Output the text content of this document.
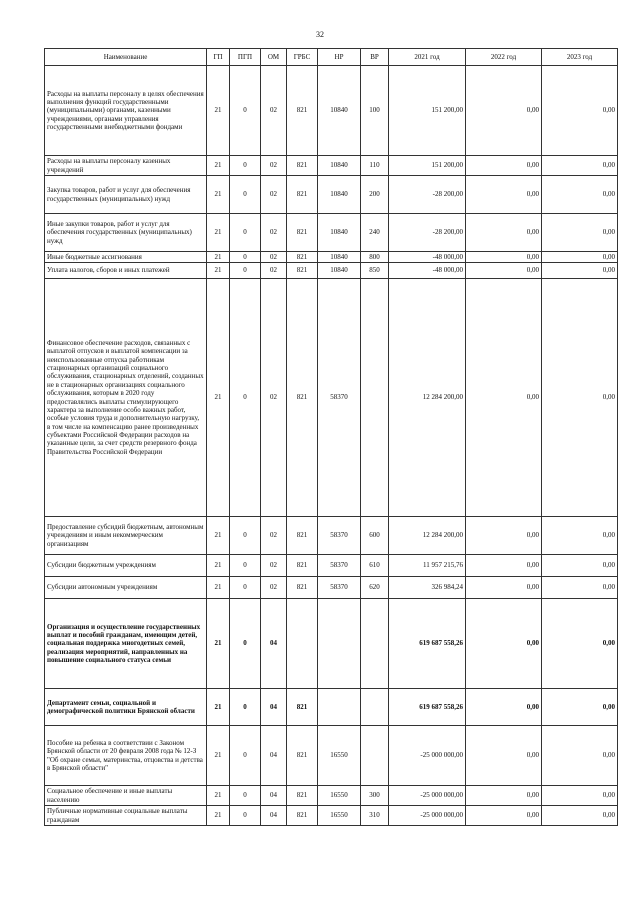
32
Наименование	ГП	ПГП	ОМ	ГРБС	НР	ВР	2021 год	2022 год	2023 год
Расходы на выплаты персоналу в целях обеспечения выполнения функций государственными (муниципальными) органами, казенными учреждениями, органами управления государственными внебюджетными фондами	21	0	02	821	10840	100	151 200,00	0,00	0,00
Расходы на выплаты персоналу казенных учреждений	21	0	02	821	10840	110	151 200,00	0,00	0,00
Закупка товаров, работ и услуг для обеспечения государственных (муниципальных) нужд	21	0	02	821	10840	200	-28 200,00	0,00	0,00
Иные закупки товаров, работ и услуг для обеспечения государственных (муниципальных) нужд	21	0	02	821	10840	240	-28 200,00	0,00	0,00
Иные бюджетные ассигнования	21	0	02	821	10840	800	-48 000,00	0,00	0,00
Уплата налогов, сборов и иных платежей	21	0	02	821	10840	850	-48 000,00	0,00	0,00
Финансовое обеспечение расходов, связанных с выплатой отпусков и выплатой компенсации за неиспользованные отпуска работникам стационарных организаций социального обслуживания, стационарных отделений, созданных не в стационарных организациях социального обслуживания, которым в 2020 году предоставлялись выплаты стимулирующего характера за выполнение особо важных работ, особые условия труда и дополнительную нагрузку, в том числе на компенсацию ранее произведенных субъектами Российской Федерации расходов на указанные цели, за счет средств резервного фонда Правительства Российской Федерации	21	0	02	821	58370		12 284 200,00	0,00	0,00
Предоставление субсидий бюджетным, автономным учреждениям и иным некоммерческим организациям	21	0	02	821	58370	600	12 284 200,00	0,00	0,00
Субсидии бюджетным учреждениям	21	0	02	821	58370	610	11 957 215,76	0,00	0,00
Субсидии автономным учреждениям	21	0	02	821	58370	620	326 984,24	0,00	0,00
Организация и осуществление государственных выплат и пособий гражданам, имеющим детей, социальная поддержка многодетных семей, реализация мероприятий, направленных на повышение социального статуса семьи	21	0	04				619 687 558,26	0,00	0,00
Департамент семьи, социальной и демографической политики Брянской области	21	0	04	821			619 687 558,26	0,00	0,00
Пособие на ребенка в соответствии с Законом Брянской области от 20 февраля 2008 года № 12-З "Об охране семьи, материнства, отцовства и детства в Брянской области"	21	0	04	821	16550		-25 000 000,00	0,00	0,00
Социальное обеспечение и иные выплаты населению	21	0	04	821	16550	300	-25 000 000,00	0,00	0,00
Публичные нормативные социальные выплаты гражданам	21	0	04	821	16550	310	-25 000 000,00	0,00	0,00
